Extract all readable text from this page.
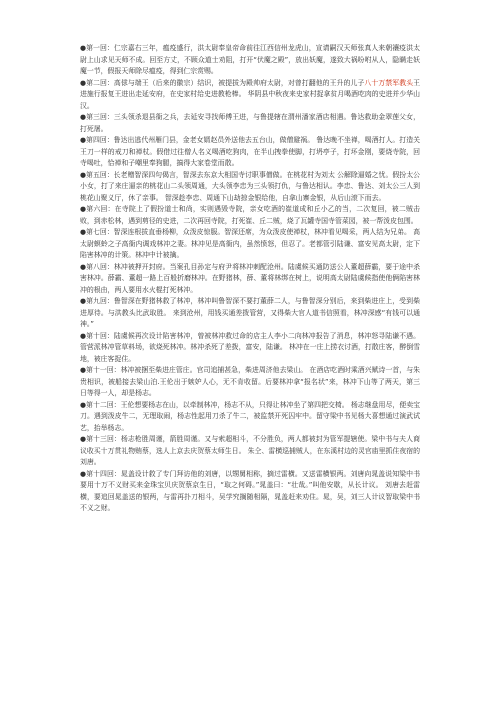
●第一回：仁宗嘉右三年，瘟疫盛行，洪太尉奉皇帝命前往江西信州龙虎山，宣请嗣汉天师张真人来朝禳疫洪太尉上山求见天师不成。回至方丈，不顾众道士劝阻，打开“伏魔之殿”，放出妖魔，遂致大祸吩咐从人，隐瞒走妖魔一节，假报天师除尽瘟疫，得到仁宗赏赐。
●第二回：高俅与端王（后来的徽宗）结识，被提拔为殿帅府太尉，对曾打翻他的王升的儿子八十万禁军教头王进施行报复王进出走延安府，在史家村给史进教枪棒。 华阴县中秋夜来史家村捉拿贫月喝酒吃肉的史进并少华山汉。
●第三回：三头领杀退县衙之兵，去延安寻找师傅王进，与鲁提辖在渭州潘家酒店相遇。鲁达救助金翠莲父女，打死屠。
●第四回：鲁达出逃代州雁门县，金老女婿赵员外送他去五台山，做僧避祸。 鲁达晚不坐禅，喝酒打人。打造关王刀一样的戒刀和禅杖。假借过往僧人名义喝酒吃狗肉，在半山拽拳使脚，打坍亭子，打坏金刚，要烧寺院，回寺喝吐，恰禅和子嘲里奉狗腿，搞得大家卷堂而散。
●第五回：长老赠智深四句偈言，智深去东京大相国寺讨职事僧做。在桃花村为刘太 公解除逼婚之忧。假扮太公小女，打了来庄逼亲的桃花山二头领周通，大头领李忠为三头领打仇，与鲁达相认。李忠、鲁达、刘太公三人到桃花山聚义厅，休了亲事。 智深趁李忠、周通下山劫掠金银给他，自拿山寨金银，从后山滚下而去。
●第六回：在寺院上了假扮道士和尚，实则遇毁寺院，亲女吃酒的崔道成和丘小乙的当，二次复回，被二贼击败，到赤松林，遇到剪径的史进，二次再回寺院，打死崔、丘二贼，烧了瓦罐寺国寺管菜园，被一帮泼皮包围。
●第七回：智深连根拔直垂杨柳，众泼皮惊服。智深还席，为众泼皮使禅杖，林冲看见喝采，两人结为兄弟。 高太尉螟蛉之子高衙内调戏林冲之妻。林冲见是高衙内，虽然愤怒，但忍了。老都管引陆谦、富安见高太尉，定下陷害林冲的计策。林冲中计被擒。
●第八回：林冲被押开封府。当案孔目孙定与府尹将林冲刺配沧州。陆虞候买通防送公人董超薛霸，要于途中杀害林冲。薛霸、董超一路上百般折磨林冲。在野猪林，薛、董将林绑在树上，说明高太尉陆虞候指使他俩陷害林冲的根由，两人要用水火棍打死林冲。
●第九回：鲁智深在野猪林救了林冲，林冲叫鲁智深不要打董薛二人，与鲁智深分别后，来到柴进庄上，受到柴进厚待。与洪教头比武取胜。 来到沧州，用钱买通差拨管营，又得柴大官人道书信照看，林冲深感“有钱可以通神。”
●第十回：陆虞候再次设计陷害林冲，曾被林冲救过命的店主人李小二向林冲报告了消息，林冲怒寻陆谦不遇。 管营派林冲管草料场，欲烧死林冲。林冲杀死了差拨，富安，陆谦。 林冲在一庄上捞衣讨酒，打散庄客，醉倒雪地，被庄客捉住。
●第十一回：林冲被捆至柴进庄管庄。官司追捕甚急，柴进周济他去梁山。 在酒店吃酒时乘酒兴赋诗一首，与朱贵相识，被船接去梁山泊.王伦出于嫉妒人心，无不肯收留。后要林冲拿“报名状”来，林冲下山等了两天，第三日等得一人，却是杨志。
●第十二回：王伦想要杨志在山，以牵制林冲，杨志不从，只得让林冲坐了第四把交椅。 杨志继盘用尽，便卖宝刀。遇到泼皮牛二，无理取闹，杨志性起用刀杀了牛二，被监禁开死囚牢中。留守梁中书见杨大喜想通过演武试艺，抬举杨志。
●第十三回：杨志枪胜周谨，箭胜周谨。又与索超相斗，不分胜负，两人都被封为管军提辖使。梁中书与夫人商议收买十万贯礼物贿蔡，选人上京去庆贺蔡太师生日。 朱仝、雷横巡捕贼人，在东溪村边的灵官庙里抓住夜宿的刘唐。
●第十四回：晁盖设计救了专门拜访他的刘唐，以甥舅相称，摘过雷横。又送雷横银两。刘唐向晁盖说知梁中书要用十万不义财买来金珠宝贝庆贺蔡京生日，“取之何碍。”晁盖曰：“壮哉。”叫他安歇，从长计议。 刘唐去赶雷横，要追回晁盖送的银两，与雷再扑刀相斗，吴学究搁随相隔，晁盖赶来劝住。晁，吴，刘三人计议智取梁中书不义之财。
